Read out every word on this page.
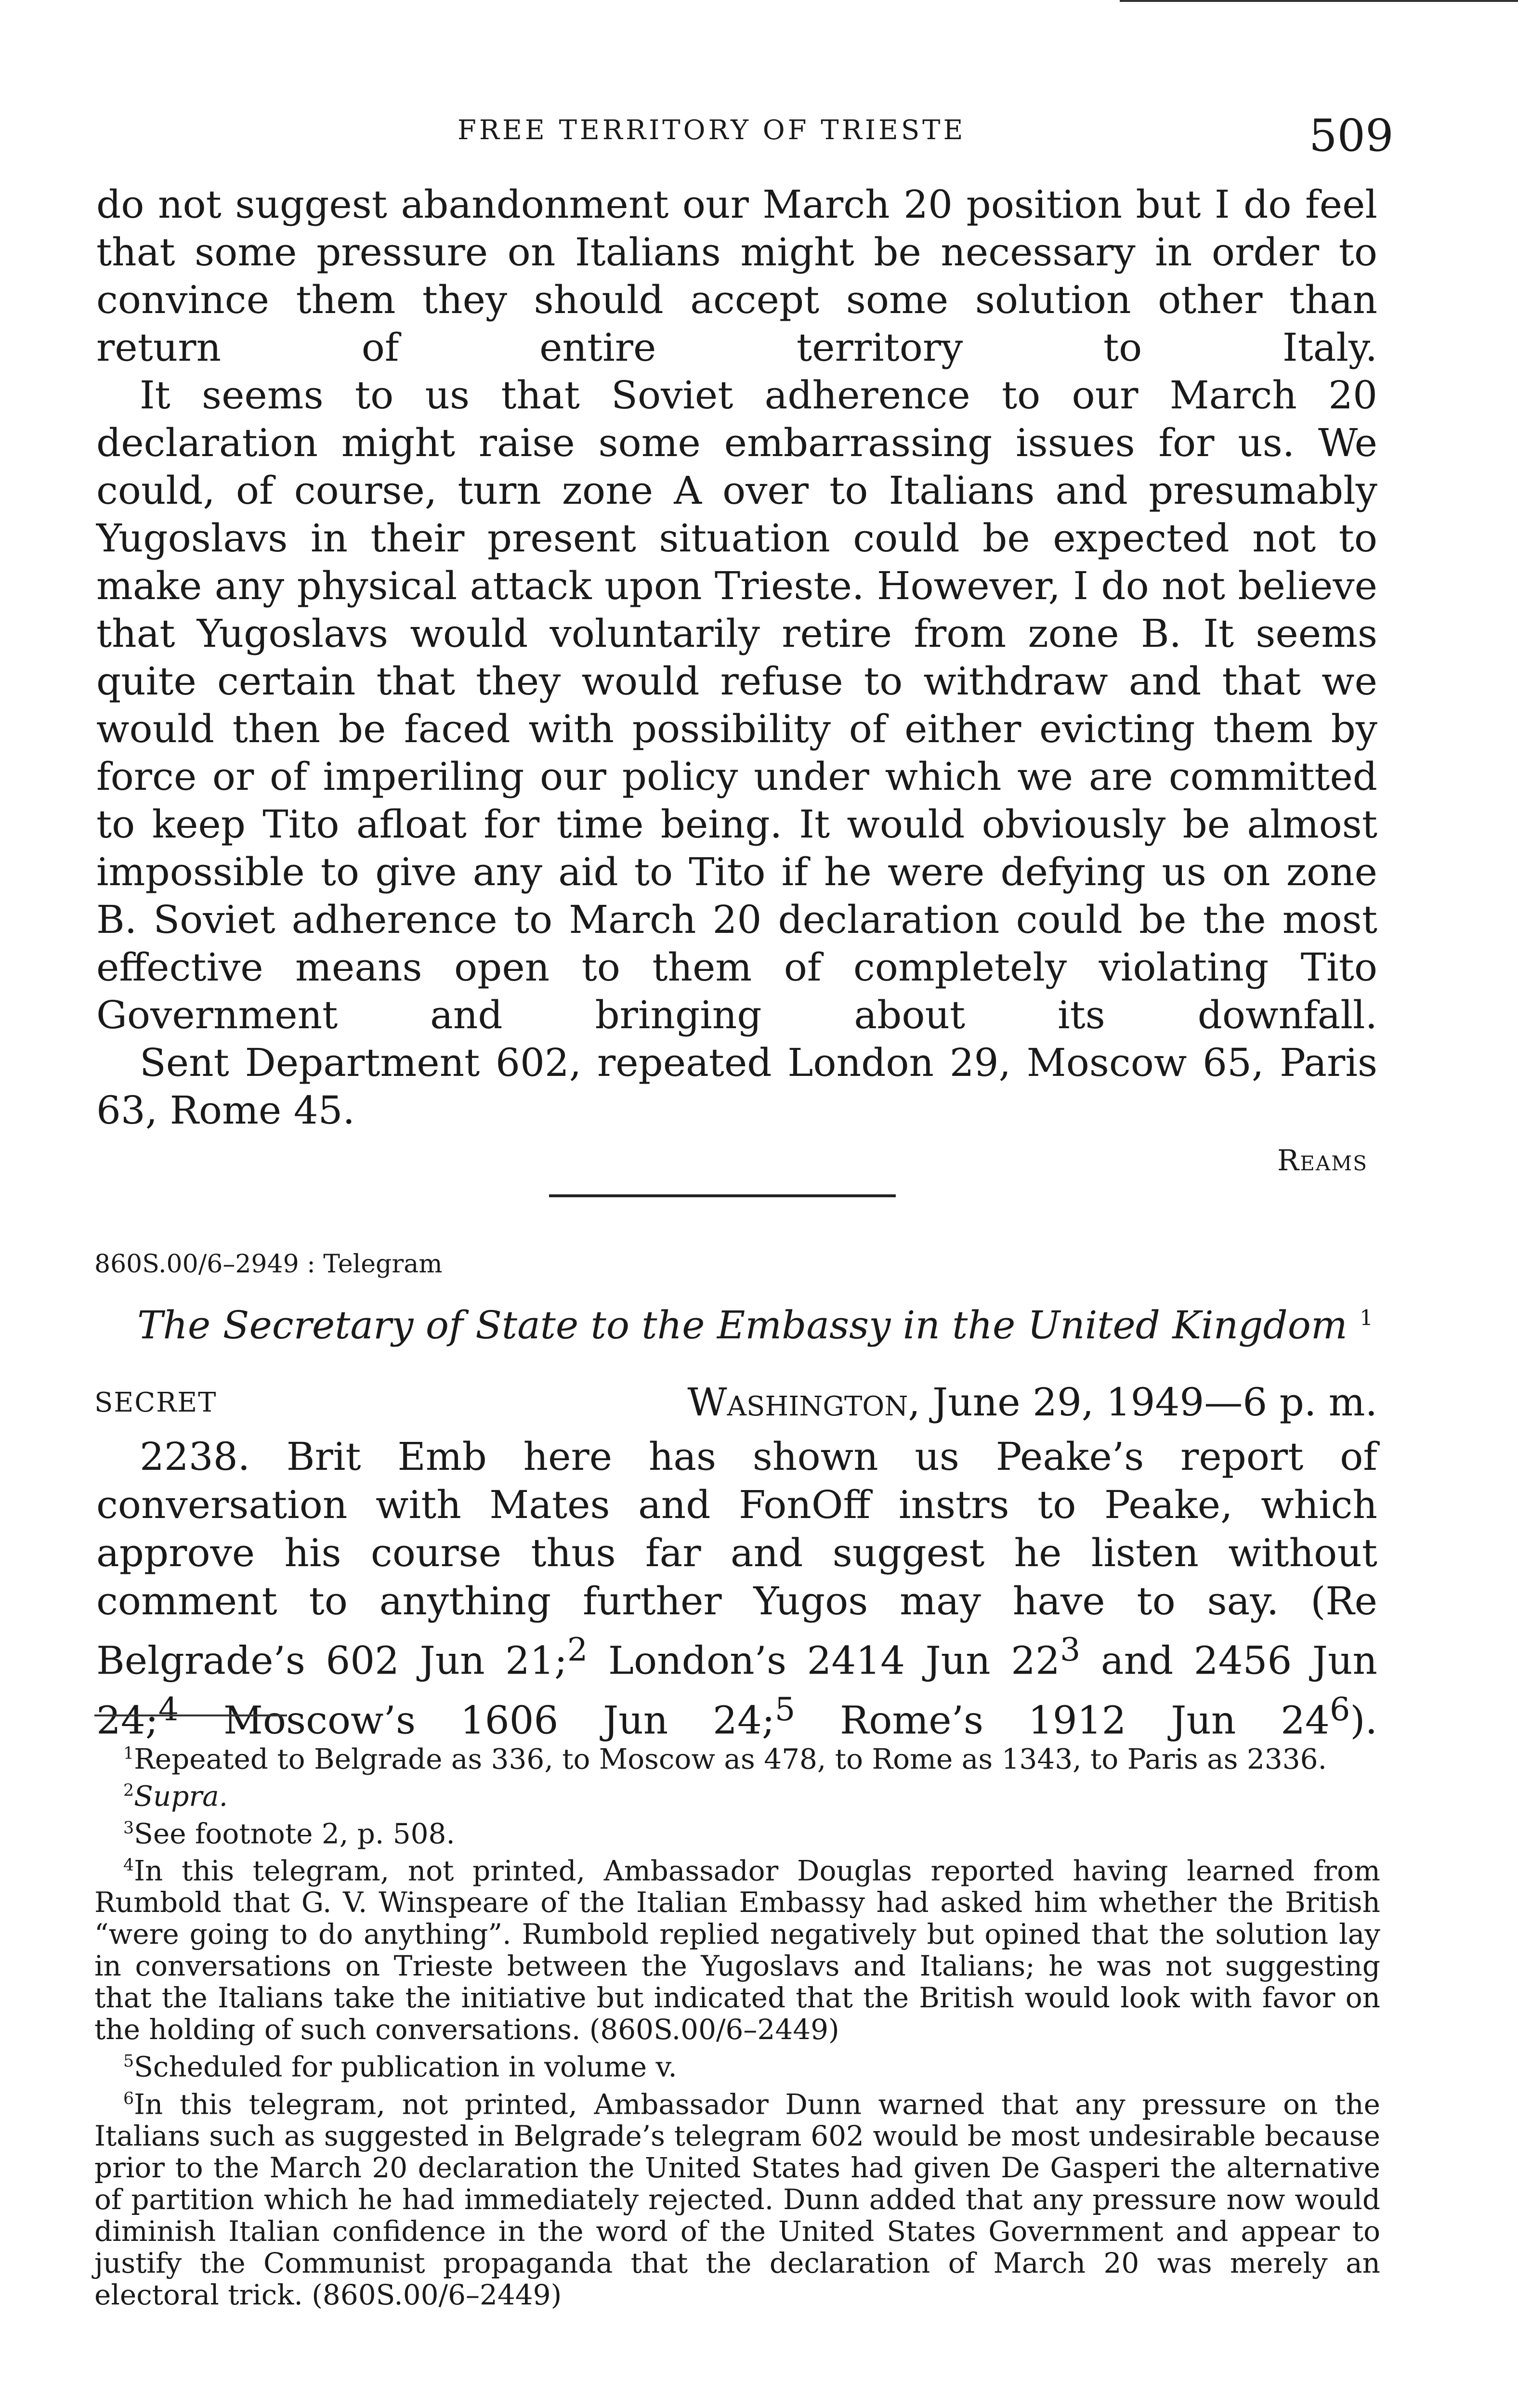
FREE TERRITORY OF TRIESTE	509

do not suggest abandonment our March 20 position but I do feel that some pressure on Italians might be necessary in order to convince them they should accept some solution other than return of entire territory to Italy.

It seems to us that Soviet adherence to our March 20 declaration might raise some embarrassing issues for us. We could, of course, turn zone A over to Italians and presumably Yugoslavs in their present situation could be expected not to make any physical attack upon Trieste. However, I do not believe that Yugoslavs would voluntarily retire from zone B. It seems quite certain that they would refuse to withdraw and that we would then be faced with possibility of either evicting them by force or of imperiling our policy under which we are committed to keep Tito afloat for time being. It would obviously be almost impossible to give any aid to Tito if he were defying us on zone B. Soviet adherence to March 20 declaration could be the most effective means open to them of completely violating Tito Government and bringing about its downfall.

Sent Department 602, repeated London 29, Moscow 65, Paris 63, Rome 45.

Reams
860S.00/6–2949 : Telegram
The Secretary of State to the Embassy in the United Kingdom $^1$
SECRET	Washington, June 29, 1949—6 p. m.

2238. Brit Emb here has shown us Peake’s report of conversation with Mates and FonOff instrs to Peake, which approve his course thus far and suggest he listen without comment to anything further Yugos may have to say. (Re Belgrade’s 602 Jun 21;$^2$ London’s 2414 Jun $22^3$ and 2456 Jun 24;$^4$ Moscow’s 1606 Jun 24;$^5$ Rome’s 1912 Jun $24^6$).

$^1$Repeated to Belgrade as 336, to Moscow as 478, to Rome as 1343, to Paris as 2336.

$^2$Supra.

$^3$See footnote 2, p. 508.

$^4$In this telegram, not printed, Ambassador Douglas reported having learned from Rumbold that G. V. Winspeare of the Italian Embassy had asked him whether the British “were going to do anything”. Rumbold replied negatively but opined that the solution lay in conversations on Trieste between the Yugoslavs and Italians; he was not suggesting that the Italians take the initiative but indicated that the British would look with favor on the holding of such conversations. (860S.00/6–2449)

$^5$Scheduled for publication in volume v.

$^6$In this telegram, not printed, Ambassador Dunn warned that any pressure on the Italians such as suggested in Belgrade’s telegram 602 would be most undesirable because prior to the March 20 declaration the United States had given De Gasperi the alternative of partition which he had immediately rejected. Dunn added that any pressure now would diminish Italian confidence in the word of the United States Government and appear to justify the Communist propaganda that the declaration of March 20 was merely an electoral trick. (860S.00/6–2449)
